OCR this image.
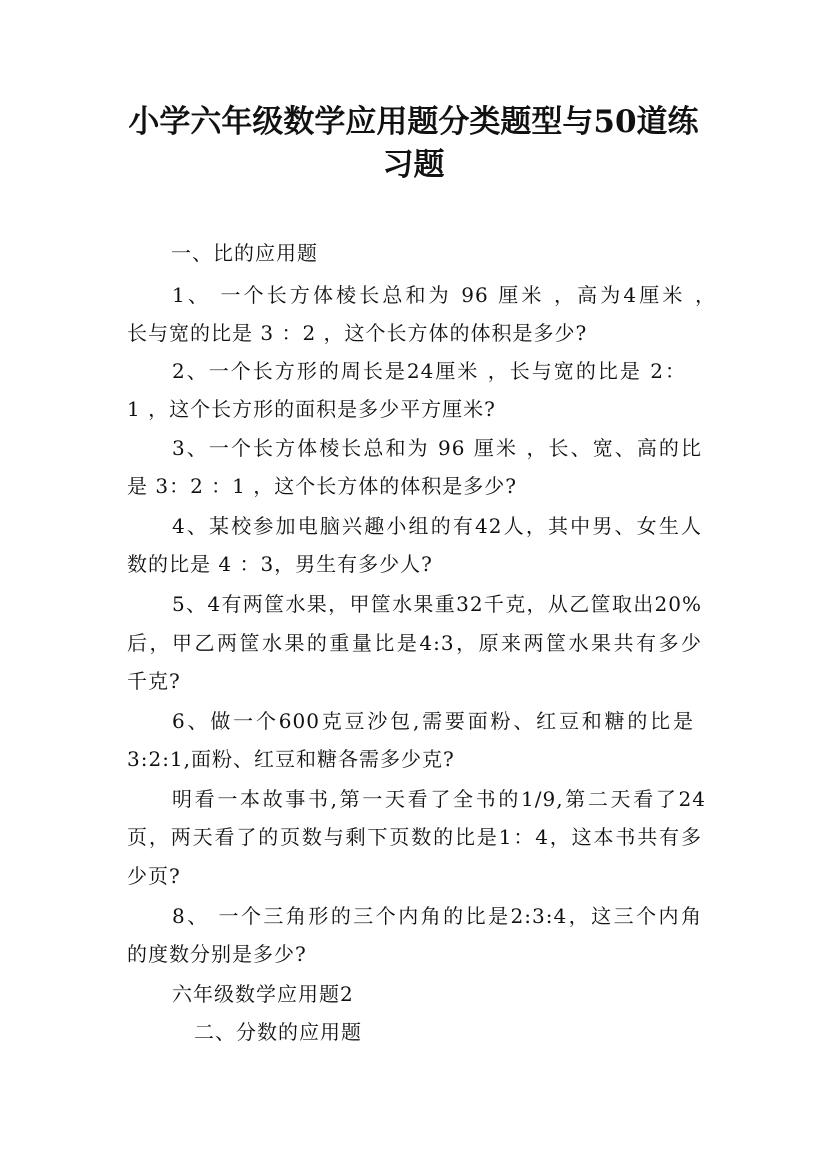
小学六年级数学应用题分类题型与50道练
习题
一、比的应用题
1、 一个长方体棱长总和为 96 厘米 ，高为4厘米 ，
长与宽的比是 3 ：2 ，这个长方体的体积是多少?
2、一个长方形的周长是24厘米 ，长与宽的比是 2：
1 ，这个长方形的面积是多少平方厘米?
3、一个长方体棱长总和为 96 厘米 ，长、宽、高的比
是 3：2 ：1 ，这个长方体的体积是多少?
4、某校参加电脑兴趣小组的有42人，其中男、女生人
数的比是 4 ：3，男生有多少人?
5、4有两筐水果，甲筐水果重32千克，从乙筐取出20%
后，甲乙两筐水果的重量比是4:3，原来两筐水果共有多少
千克?
6、做一个600克豆沙包,需要面粉、红豆和糖的比是
3:2:1,面粉、红豆和糖各需多少克?
明看一本故事书,第一天看了全书的1/9,第二天看了24
页，两天看了的页数与剩下页数的比是1：4，这本书共有多
少页?
8、 一个三角形的三个内角的比是2:3:4，这三个内角
的度数分别是多少?
六年级数学应用题2
二、分数的应用题
